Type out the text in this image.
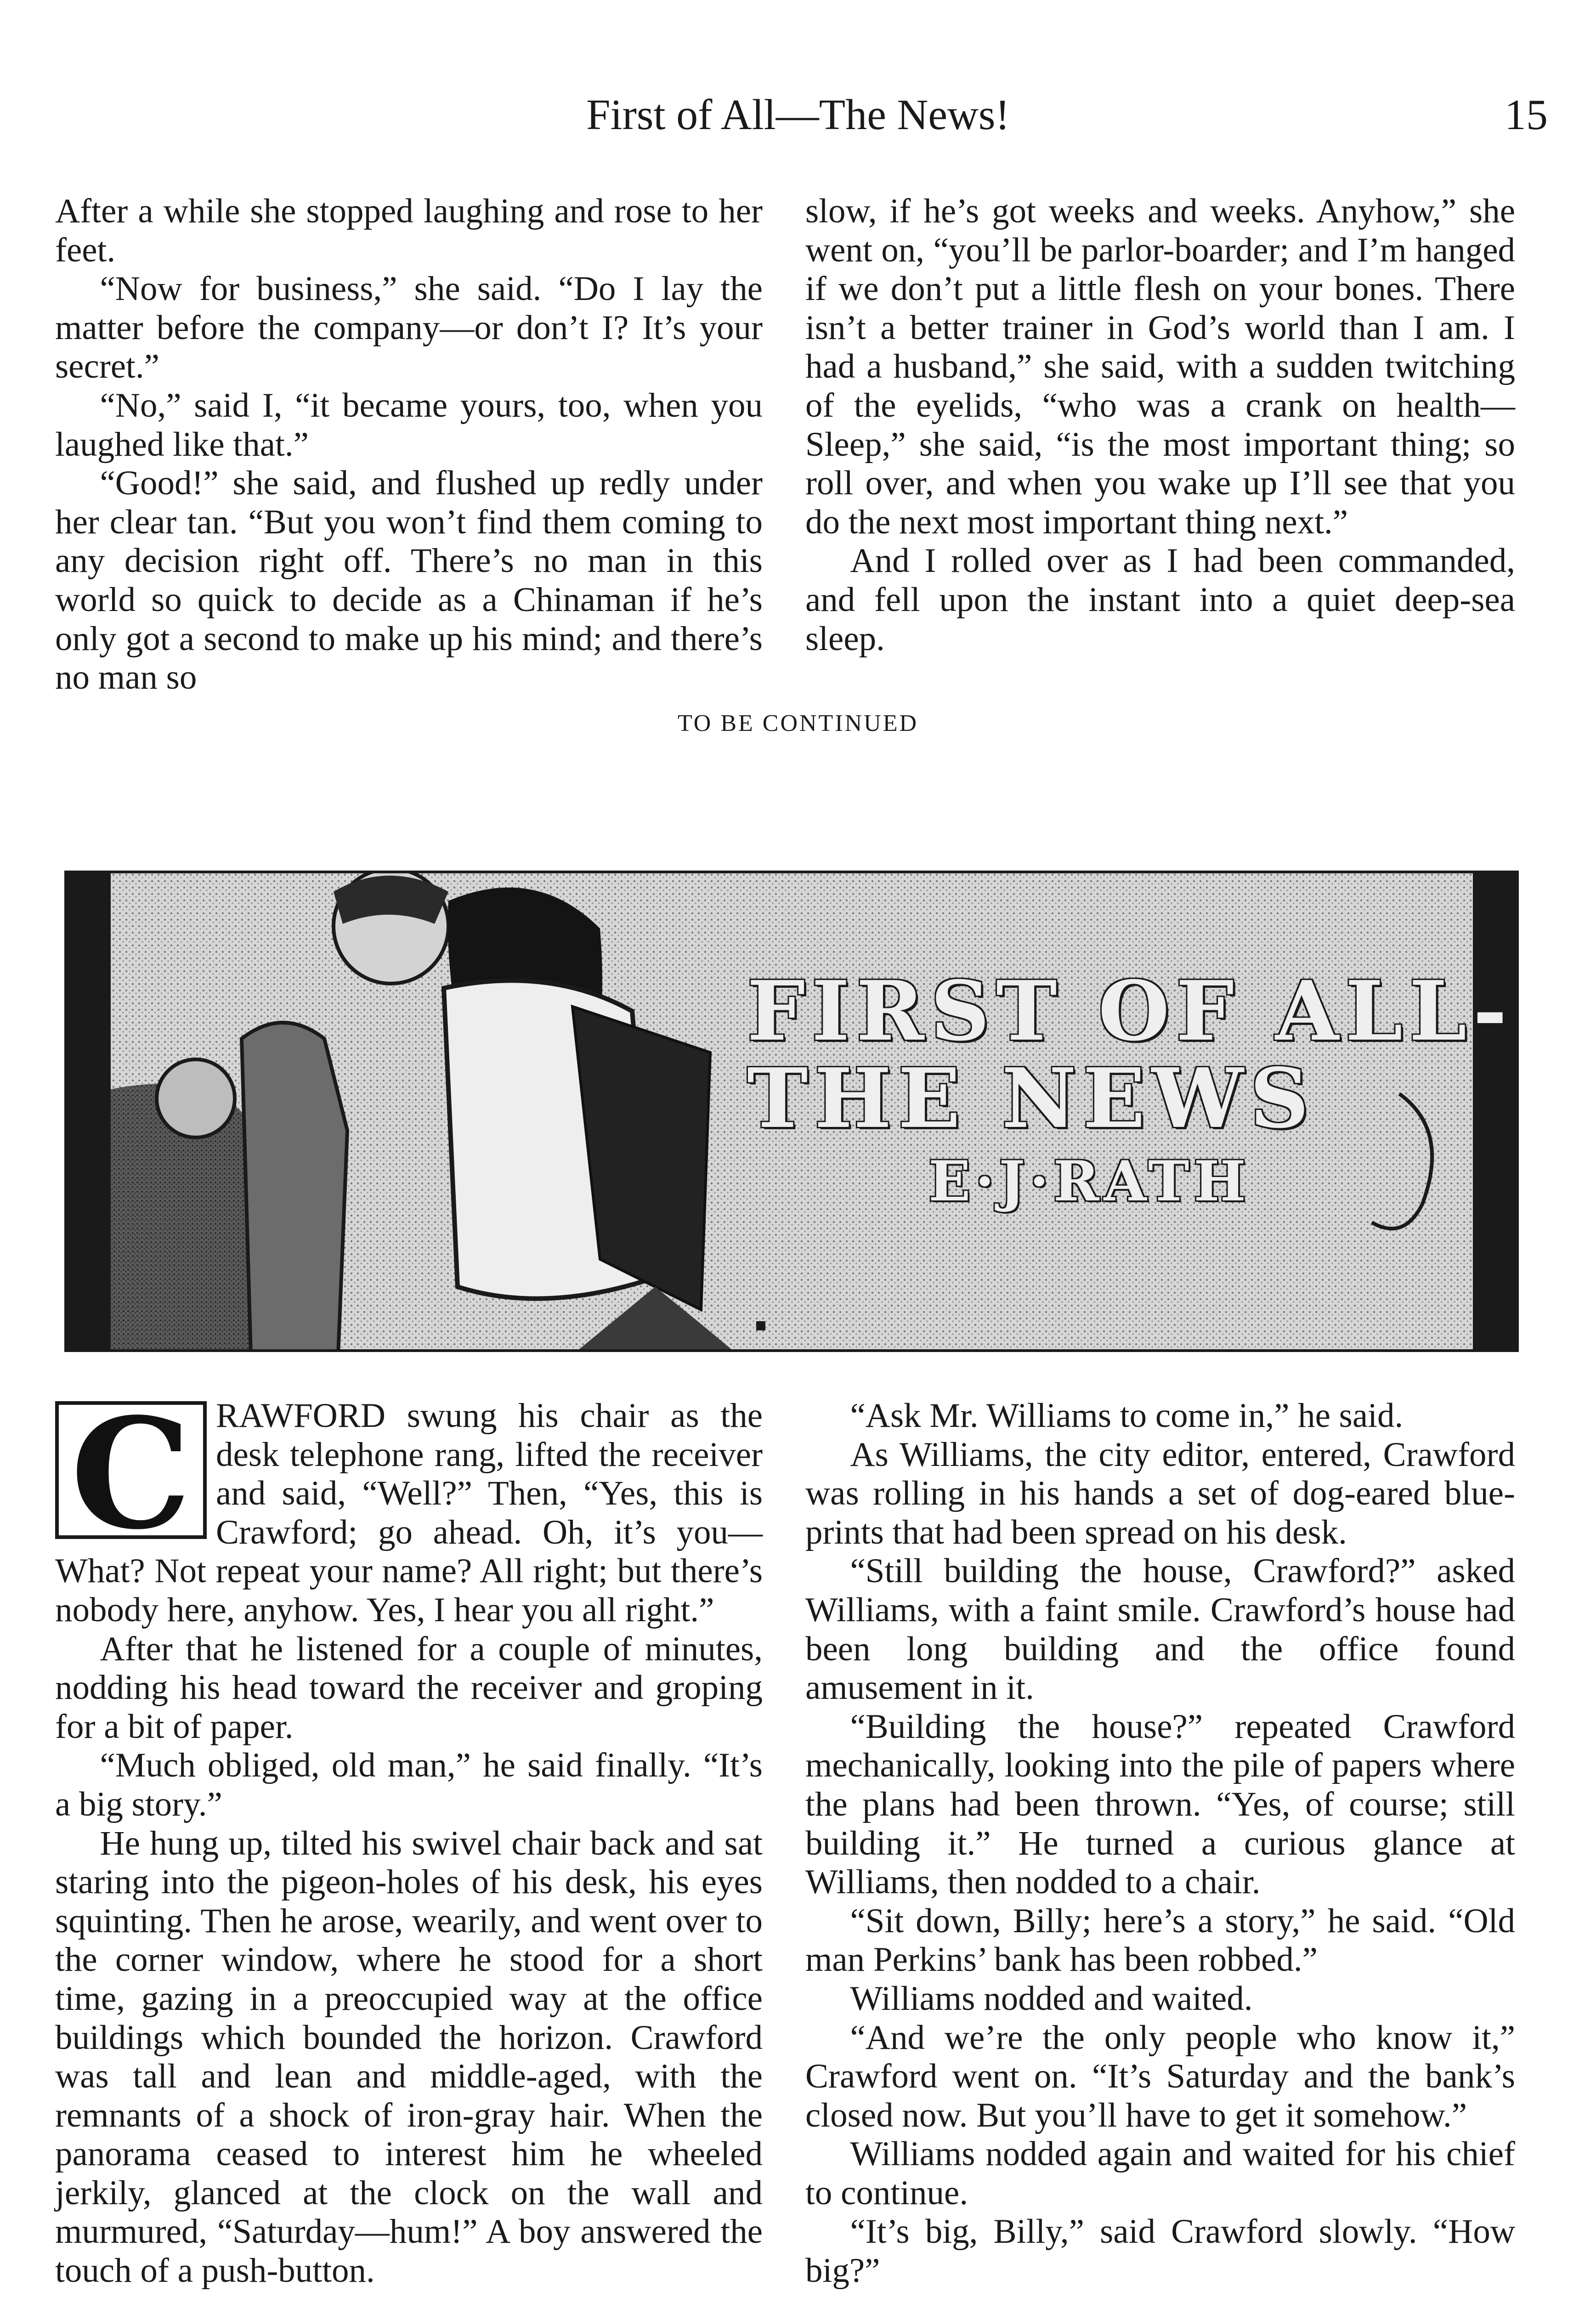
First of All—The News!	15

After a while she stopped laughing and rose to her feet.

“Now for business,” she said. “Do I lay the matter before the company—or don’t I? It’s your secret.”

“No,” said I, “it became yours, too, when you laughed like that.”

“Good!” she said, and flushed up redly under her clear tan. “But you won’t find them coming to any decision right off. There’s no man in this world so quick to decide as a Chinaman if he’s only got a second to make up his mind; and there’s no man so

slow, if he’s got weeks and weeks. Anyhow,” she went on, “you’ll be parlor-boarder; and I’m hanged if we don’t put a little flesh on your bones. There isn’t a better trainer in God’s world than I am. I had a husband,” she said, with a sudden twitching of the eyelids, “who was a crank on health— Sleep,” she said, “is the most important thing; so roll over, and when you wake up I’ll see that you do the next most important thing next.”

And I rolled over as I had been commanded, and fell upon the instant into a quiet deep-sea sleep.

TO BE CONTINUED
FIRST OF ALL-
THE NEWS
E·J·RATH
C RAWFORD swung his chair as the desk telephone rang, lifted the receiver and said, “Well?” Then, “Yes, this is Crawford; go ahead. Oh, it’s you— What? Not repeat your name? All right; but there’s nobody here, anyhow. Yes, I hear you all right.”

After that he listened for a couple of minutes, nodding his head toward the receiver and groping for a bit of paper.

“Much obliged, old man,” he said finally. “It’s a big story.”

He hung up, tilted his swivel chair back and sat staring into the pigeon-holes of his desk, his eyes squinting. Then he arose, wearily, and went over to the corner window, where he stood for a short time, gazing in a preoccupied way at the office buildings which bounded the horizon. Crawford was tall and lean and middle-aged, with the remnants of a shock of iron-gray hair. When the panorama ceased to interest him he wheeled jerkily, glanced at the clock on the wall and murmured, “Saturday—hum!” A boy answered the touch of a push-button.

“Ask Mr. Williams to come in,” he said.

As Williams, the city editor, entered, Crawford was rolling in his hands a set of dog-eared blue-prints that had been spread on his desk.

“Still building the house, Crawford?” asked Williams, with a faint smile. Crawford’s house had been long building and the office found amusement in it.

“Building the house?” repeated Crawford mechanically, looking into the pile of papers where the plans had been thrown. “Yes, of course; still building it.” He turned a curious glance at Williams, then nodded to a chair.

“Sit down, Billy; here’s a story,” he said. “Old man Perkins’ bank has been robbed.”

Williams nodded and waited.

“And we’re the only people who know it,” Crawford went on. “It’s Saturday and the bank’s closed now. But you’ll have to get it somehow.”

Williams nodded again and waited for his chief to continue.

“It’s big, Billy,” said Crawford slowly. “How big?”
